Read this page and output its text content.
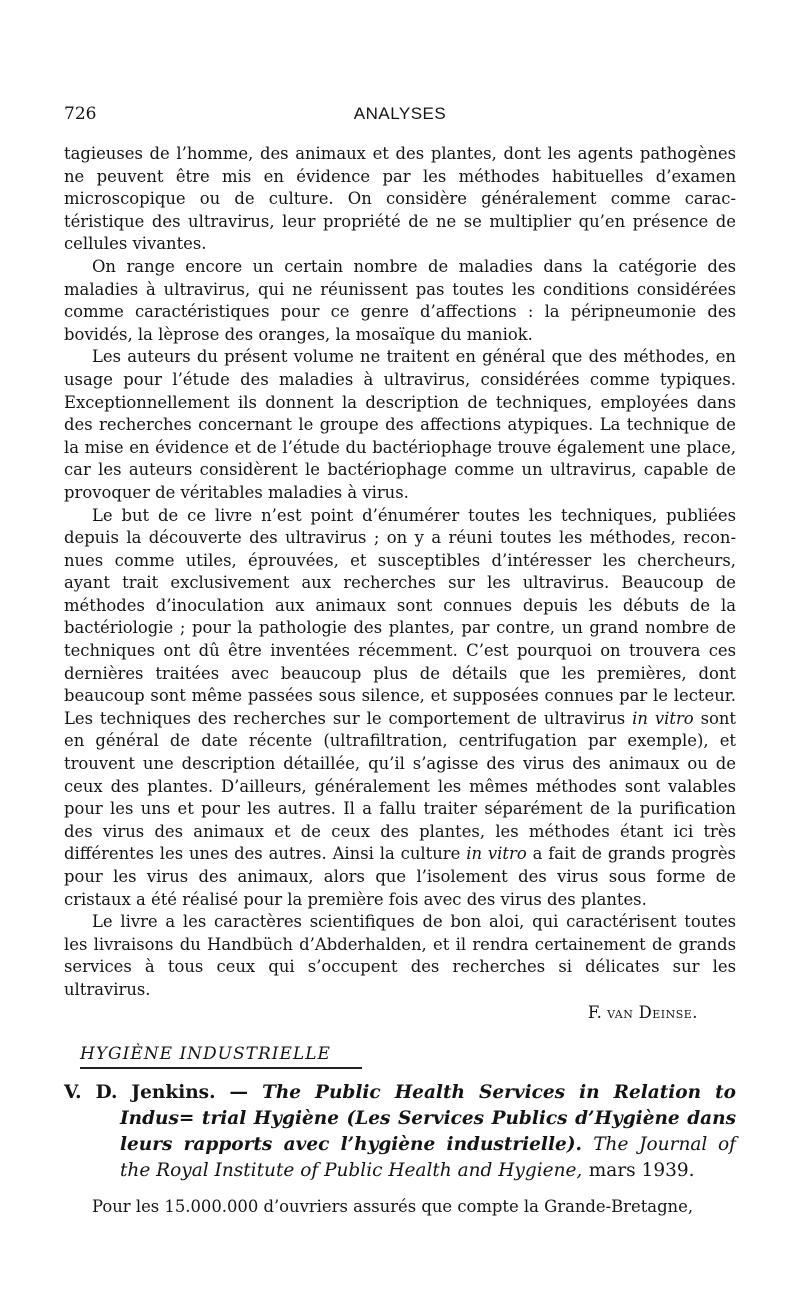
726	ANALYSES

tagieuses de l’homme, des animaux et des plantes, dont les agents pathogènes ne peuvent être mis en évidence par les méthodes habituelles d’examen microscopique ou de culture. On considère généralement comme caractéristique des ultravirus, leur propriété de ne se multiplier qu’en présence de cellules vivantes.

On range encore un certain nombre de maladies dans la catégorie des maladies à ultravirus, qui ne réunissent pas toutes les conditions considérées comme caractéristiques pour ce genre d’affections : la péripneumonie des bovidés, la lèprose des oranges, la mosaïque du maniok.

Les auteurs du présent volume ne traitent en général que des méthodes, en usage pour l’étude des maladies à ultravirus, considérées comme typiques. Exceptionnellement ils donnent la description de techniques, employées dans des recherches concernant le groupe des affections atypiques. La technique de la mise en évidence et de l’étude du bactériophage trouve également une place, car les auteurs considèrent le bactériophage comme un ultravirus, capable de provoquer de véritables maladies à virus.

Le but de ce livre n’est point d’énumérer toutes les techniques, publiées depuis la découverte des ultravirus ; on y a réuni toutes les méthodes, reconnues comme utiles, éprouvées, et susceptibles d’intéresser les chercheurs, ayant trait exclusivement aux recherches sur les ultravirus. Beaucoup de méthodes d’inoculation aux animaux sont connues depuis les débuts de la bactériologie ; pour la pathologie des plantes, par contre, un grand nombre de techniques ont dû être inventées récemment. C’est pourquoi on trouvera ces dernières traitées avec beaucoup plus de détails que les premières, dont beaucoup sont même passées sous silence, et supposées connues par le lecteur. Les techniques des recherches sur le comportement de ultravirus in vitro sont en général de date récente (ultrafiltration, centrifugation par exemple), et trouvent une description détaillée, qu’il s’agisse des virus des animaux ou de ceux des plantes. D’ailleurs, généralement les mêmes méthodes sont valables pour les uns et pour les autres. Il a fallu traiter séparément de la purification des virus des animaux et de ceux des plantes, les méthodes étant ici très différentes les unes des autres. Ainsi la culture in vitro a fait de grands progrès pour les virus des animaux, alors que l’isolement des virus sous forme de cristaux a été réalisé pour la première fois avec des virus des plantes.

Le livre a les caractères scientifiques de bon aloi, qui caractérisent toutes les livraisons du Handbüch d’Abderhalden, et il rendra certainement de grands services à tous ceux qui s’occupent des recherches si délicates sur les ultravirus.

F. van Deinse.
HYGIÈNE INDUSTRIELLE
V. D. Jenkins. — The Public Health Services in Relation to Indus= trial Hygiène (Les Services Publics d’Hygiène dans leurs rapports avec l’hygiène industrielle). The Journal of the Royal Institute of Public Health and Hygiene, mars 1939.
Pour les 15.000.000 d’ouvriers assurés que compte la Grande-Bretagne,
